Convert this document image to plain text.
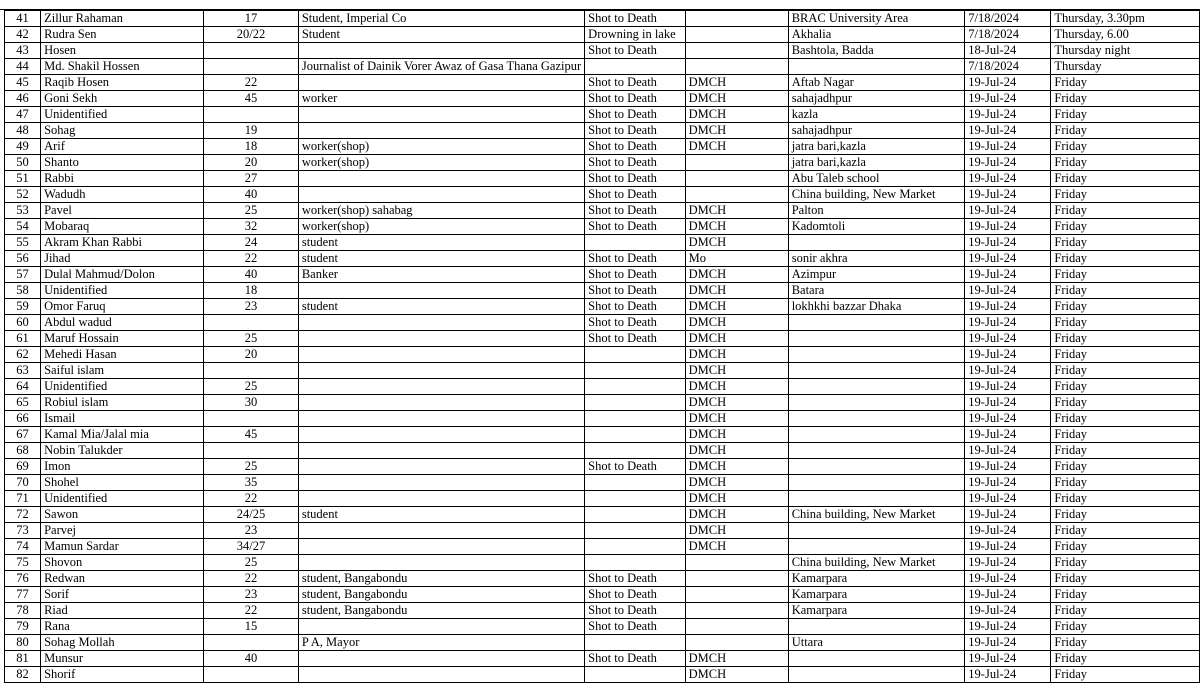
41	Zillur Rahaman	17	Student, Imperial Co	Shot to Death		BRAC University Area	7/18/2024	Thursday, 3.30pm
42	Rudra Sen	20/22	Student	Drowning in lake		Akhalia	7/18/2024	Thursday, 6.00
43	Hosen			Shot to Death		Bashtola, Badda	18-Jul-24	Thursday night
44	Md. Shakil Hossen		Journalist of Dainik Vorer Awaz of Gasa Thana Gazipur				7/18/2024	Thursday
45	Raqib Hosen	22		Shot to Death	DMCH	Aftab Nagar	19-Jul-24	Friday
46	Goni Sekh	45	worker	Shot to Death	DMCH	sahajadhpur	19-Jul-24	Friday
47	Unidentified			Shot to Death	DMCH	kazla	19-Jul-24	Friday
48	Sohag	19		Shot to Death	DMCH	sahajadhpur	19-Jul-24	Friday
49	Arif	18	worker(shop)	Shot to Death	DMCH	jatra bari,kazla	19-Jul-24	Friday
50	Shanto	20	worker(shop)	Shot to Death		jatra bari,kazla	19-Jul-24	Friday
51	Rabbi	27		Shot to Death		Abu Taleb school	19-Jul-24	Friday
52	Wadudh	40		Shot to Death		China building, New Market	19-Jul-24	Friday
53	Pavel	25	worker(shop) sahabag	Shot to Death	DMCH	Palton	19-Jul-24	Friday
54	Mobaraq	32	worker(shop)	Shot to Death	DMCH	Kadomtoli	19-Jul-24	Friday
55	Akram Khan Rabbi	24	student		DMCH		19-Jul-24	Friday
56	Jihad	22	student	Shot to Death	Mo	sonir akhra	19-Jul-24	Friday
57	Dulal Mahmud/Dolon	40	Banker	Shot to Death	DMCH	Azimpur	19-Jul-24	Friday
58	Unidentified	18		Shot to Death	DMCH	Batara	19-Jul-24	Friday
59	Omor Faruq	23	student	Shot to Death	DMCH	lokhkhi bazzar Dhaka	19-Jul-24	Friday
60	Abdul wadud			Shot to Death	DMCH		19-Jul-24	Friday
61	Maruf Hossain	25		Shot to Death	DMCH		19-Jul-24	Friday
62	Mehedi Hasan	20			DMCH		19-Jul-24	Friday
63	Saiful islam				DMCH		19-Jul-24	Friday
64	Unidentified	25			DMCH		19-Jul-24	Friday
65	Robiul islam	30			DMCH		19-Jul-24	Friday
66	Ismail				DMCH		19-Jul-24	Friday
67	Kamal Mia/Jalal mia	45			DMCH		19-Jul-24	Friday
68	Nobin Talukder				DMCH		19-Jul-24	Friday
69	Imon	25		Shot to Death	DMCH		19-Jul-24	Friday
70	Shohel	35			DMCH		19-Jul-24	Friday
71	Unidentified	22			DMCH		19-Jul-24	Friday
72	Sawon	24/25	student		DMCH	China building, New Market	19-Jul-24	Friday
73	Parvej	23			DMCH		19-Jul-24	Friday
74	Mamun Sardar	34/27			DMCH		19-Jul-24	Friday
75	Shovon	25				China building, New Market	19-Jul-24	Friday
76	Redwan	22	student, Bangabondu	Shot to Death		Kamarpara	19-Jul-24	Friday
77	Sorif	23	student, Bangabondu	Shot to Death		Kamarpara	19-Jul-24	Friday
78	Riad	22	student, Bangabondu	Shot to Death		Kamarpara	19-Jul-24	Friday
79	Rana	15		Shot to Death			19-Jul-24	Friday
80	Sohag Mollah		P A, Mayor			Uttara	19-Jul-24	Friday
81	Munsur	40		Shot to Death	DMCH		19-Jul-24	Friday
82	Shorif				DMCH		19-Jul-24	Friday
